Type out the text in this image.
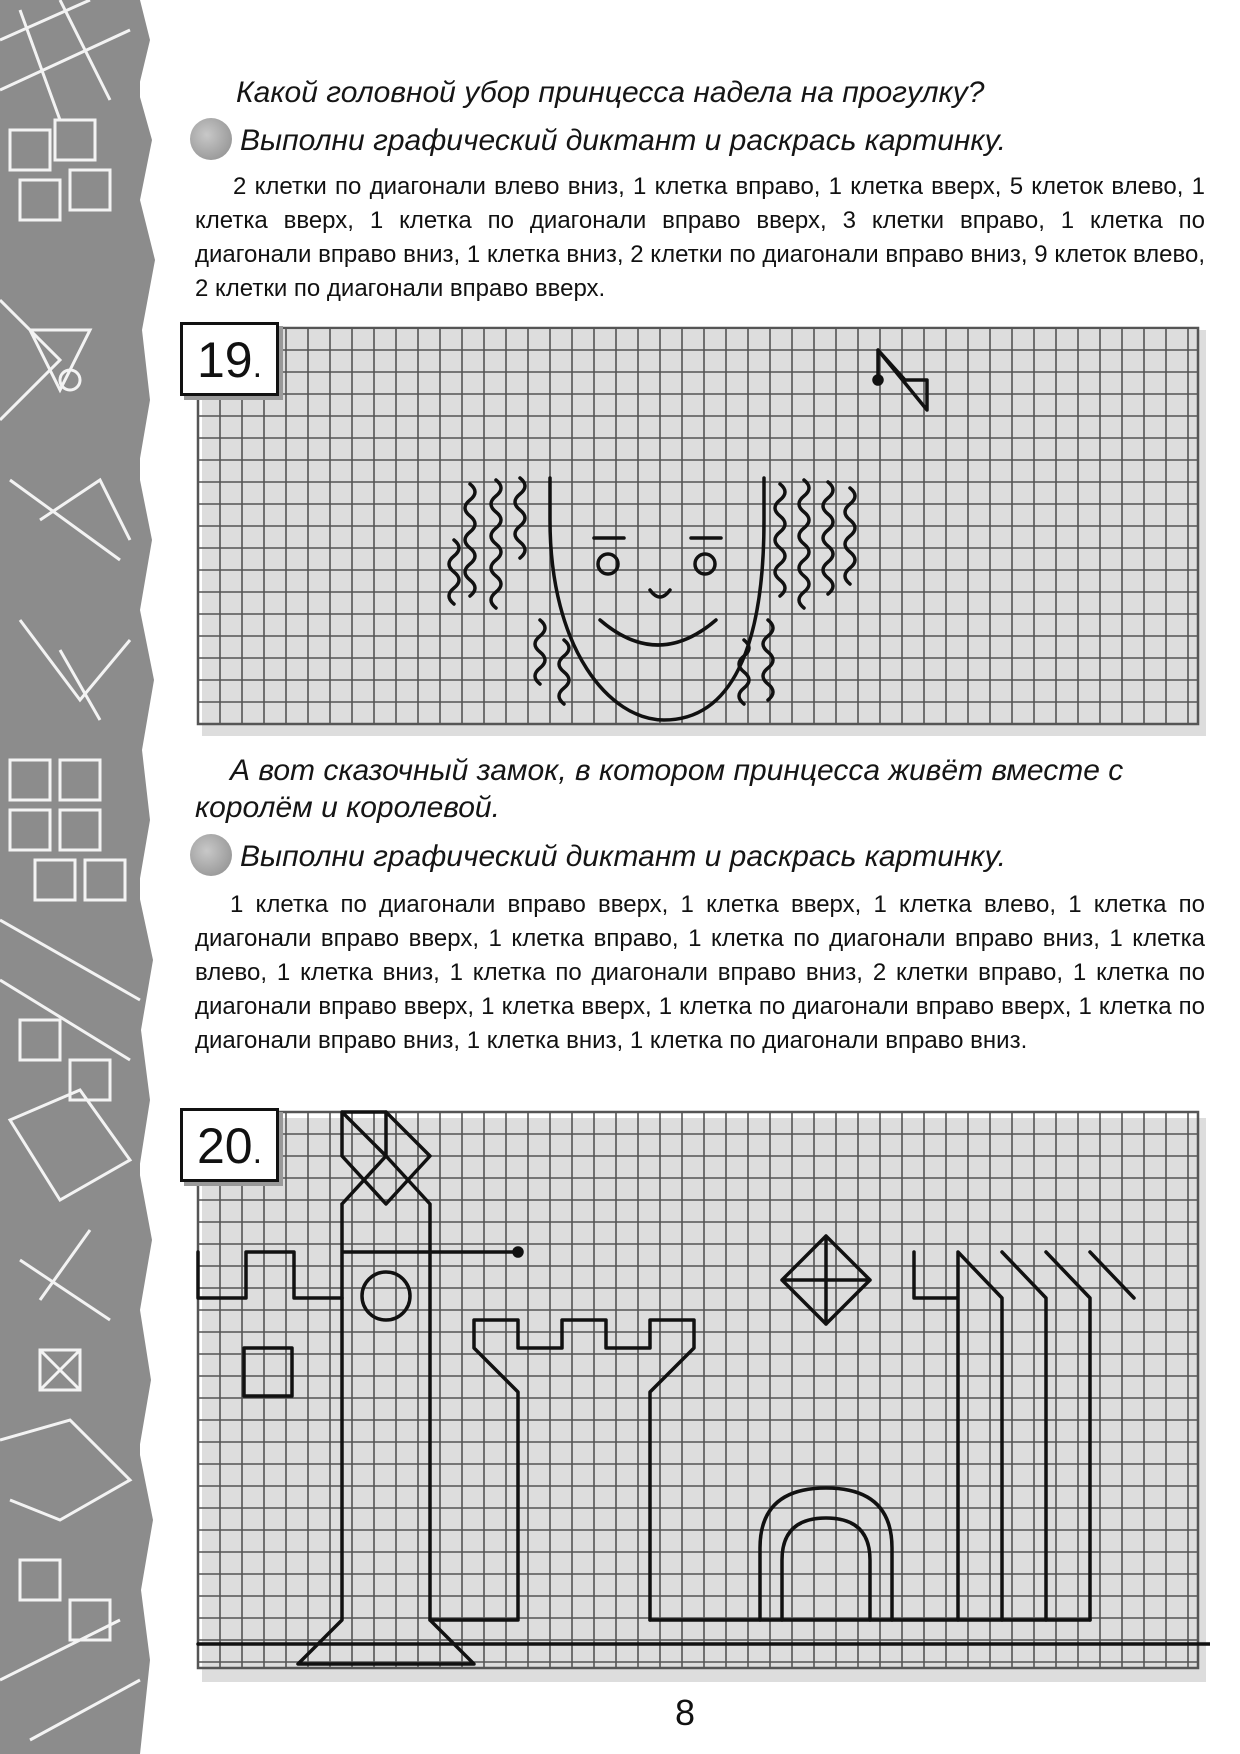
Какой головной убор принцесса надела на прогулку?

Выполни графический диктант и раскрась картинку.

2 клетки по диагонали влево вниз, 1 клетка вправо, 1 клетка вверх, 5 клеток влево, 1 клетка вверх, 1 клетка по диагонали вправо вверх, 3 клетки вправо, 1 клетка по диагонали вправо вниз, 1 клетка вниз, 2 клетки по диагонали вправо вниз, 9 клеток влево, 2 клетки по диагонали вправо вверх.

19.

А вот сказочный замок, в котором принцесса живёт вместе с королём и королевой.

Выполни графический диктант и раскрась картинку.

1 клетка по диагонали вправо вверх, 1 клетка вверх, 1 клетка влево, 1 клетка по диагонали вправо вверх, 1 клетка вправо, 1 клетка по диагонали вправо вниз, 1 клетка влево, 1 клетка вниз, 1 клетка по диагонали вправо вниз, 2 клетки вправо, 1 клетка по диагонали вправо вверх, 1 клетка вверх, 1 клетка по диагонали вправо вверх, 1 клетка по диагонали вправо вниз, 1 клетка вниз, 1 клетка по диагонали вправо вниз.

20.
8
